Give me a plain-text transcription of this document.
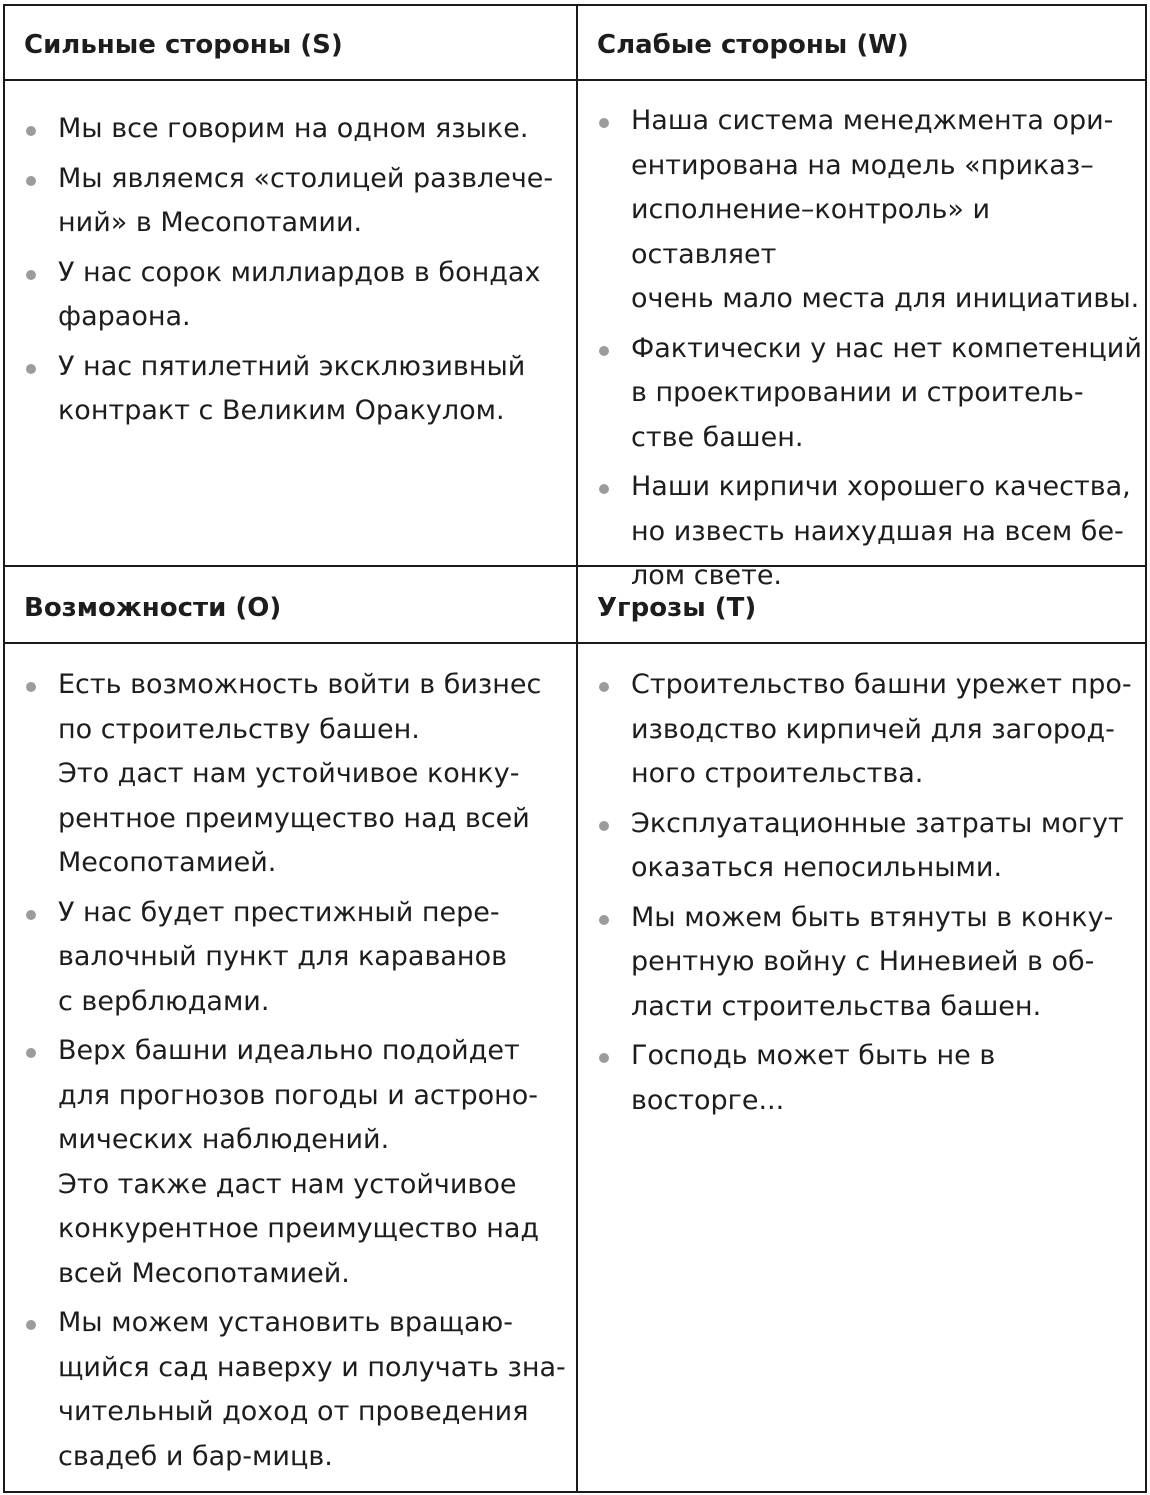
Сильные стороны (S)
Мы все говорим на одном языке.
Мы являемся «столицей развлече-
ний» в Месопотамии.
У нас сорок миллиардов в бондах
фараона.
У нас пятилетний эксклюзивный
контракт с Великим Оракулом.
Слабые стороны (W)
Наша система менеджмента ори-
ентирована на модель «приказ–
исполнение–контроль» и оставляет
очень мало места для инициативы.
Фактически у нас нет компетенций
в проектировании и строитель-
стве башен.
Наши кирпичи хорошего качества,
но известь наихудшая на всем бе-
лом свете.
Возможности (O)
Есть возможность войти в бизнес
по строительству башен.
Это даст нам устойчивое конку-
рентное преимущество над всей
Месопотамией.
У нас будет престижный пере-
валочный пункт для караванов
с верблюдами.
Верх башни идеально подойдет
для прогнозов погоды и астроно-
мических наблюдений.
Это также даст нам устойчивое
конкурентное преимущество над
всей Месопотамией.
Мы можем установить вращаю-
щийся сад наверху и получать зна-
чительный доход от проведения
свадеб и бар-мицв.
Угрозы (T)
Строительство башни урежет про-
изводство кирпичей для загород-
ного строительства.
Эксплуатационные затраты могут
оказаться непосильными.
Мы можем быть втянуты в конку-
рентную войну с Ниневией в об-
ласти строительства башен.
Господь может быть не в восторге...
